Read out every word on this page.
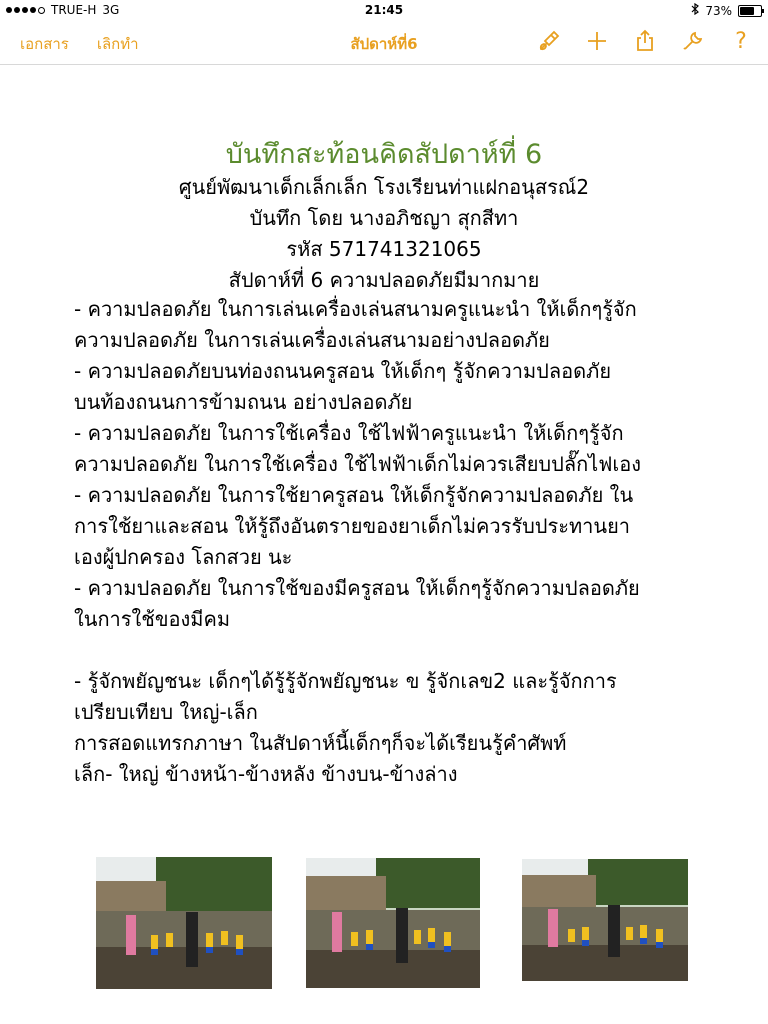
TRUE-H 3G	21:45	73%
เอกสาร เลิกทำ	สัปดาห์ที่6	?
บันทึกสะท้อนคิดสัปดาห์ที่ 6
ศูนย์พัฒนาเด็กเล็กเล็ก โรงเรียนท่าแฝกอนุสรณ์2
บันทึก โดย นางอภิชญา สุกสีทา
รหัส 571741321065
สัปดาห์ที่ 6 ความปลอดภัยมีมากมาย
- ความปลอดภัย ในการเล่นเครื่องเล่นสนามครูแนะนำ ให้เด็กๆรู้จัก
ความปลอดภัย ในการเล่นเครื่องเล่นสนามอย่างปลอดภัย
- ความปลอดภัยบนท่องถนนครูสอน ให้เด็กๆ รู้จักความปลอดภัย
บนท้องถนนการข้ามถนน อย่างปลอดภัย
- ความปลอดภัย ในการใช้เครื่อง ใช้ไฟฟ้าครูแนะนำ ให้เด็กๆรู้จัก
ความปลอดภัย ในการใช้เครื่อง ใช้ไฟฟ้าเด็กไม่ควรเสียบปลั๊กไฟเอง
- ความปลอดภัย ในการใช้ยาครูสอน ให้เด็กรู้จักความปลอดภัย ใน
การใช้ยาและสอน ให้รู้ถึงอันตรายของยาเด็กไม่ควรรับประทานยา
เองผู้ปกครอง โลกสวย นะ
- ความปลอดภัย ในการใช้ของมีครูสอน ให้เด็กๆรู้จักความปลอดภัย
ในการใช้ของมีคม
- รู้จักพยัญชนะ เด็กๆได้รู้รู้จักพยัญชนะ ข รู้จักเลข2 และรู้จักการ
เปรียบเทียบ ใหญ่-เล็ก
การสอดแทรกภาษา ในสัปดาห์นี้เด็กๆก็จะได้เรียนรู้คำศัพท์
เล็ก- ใหญ่ ข้างหน้า-ข้างหลัง ข้างบน-ข้างล่าง
